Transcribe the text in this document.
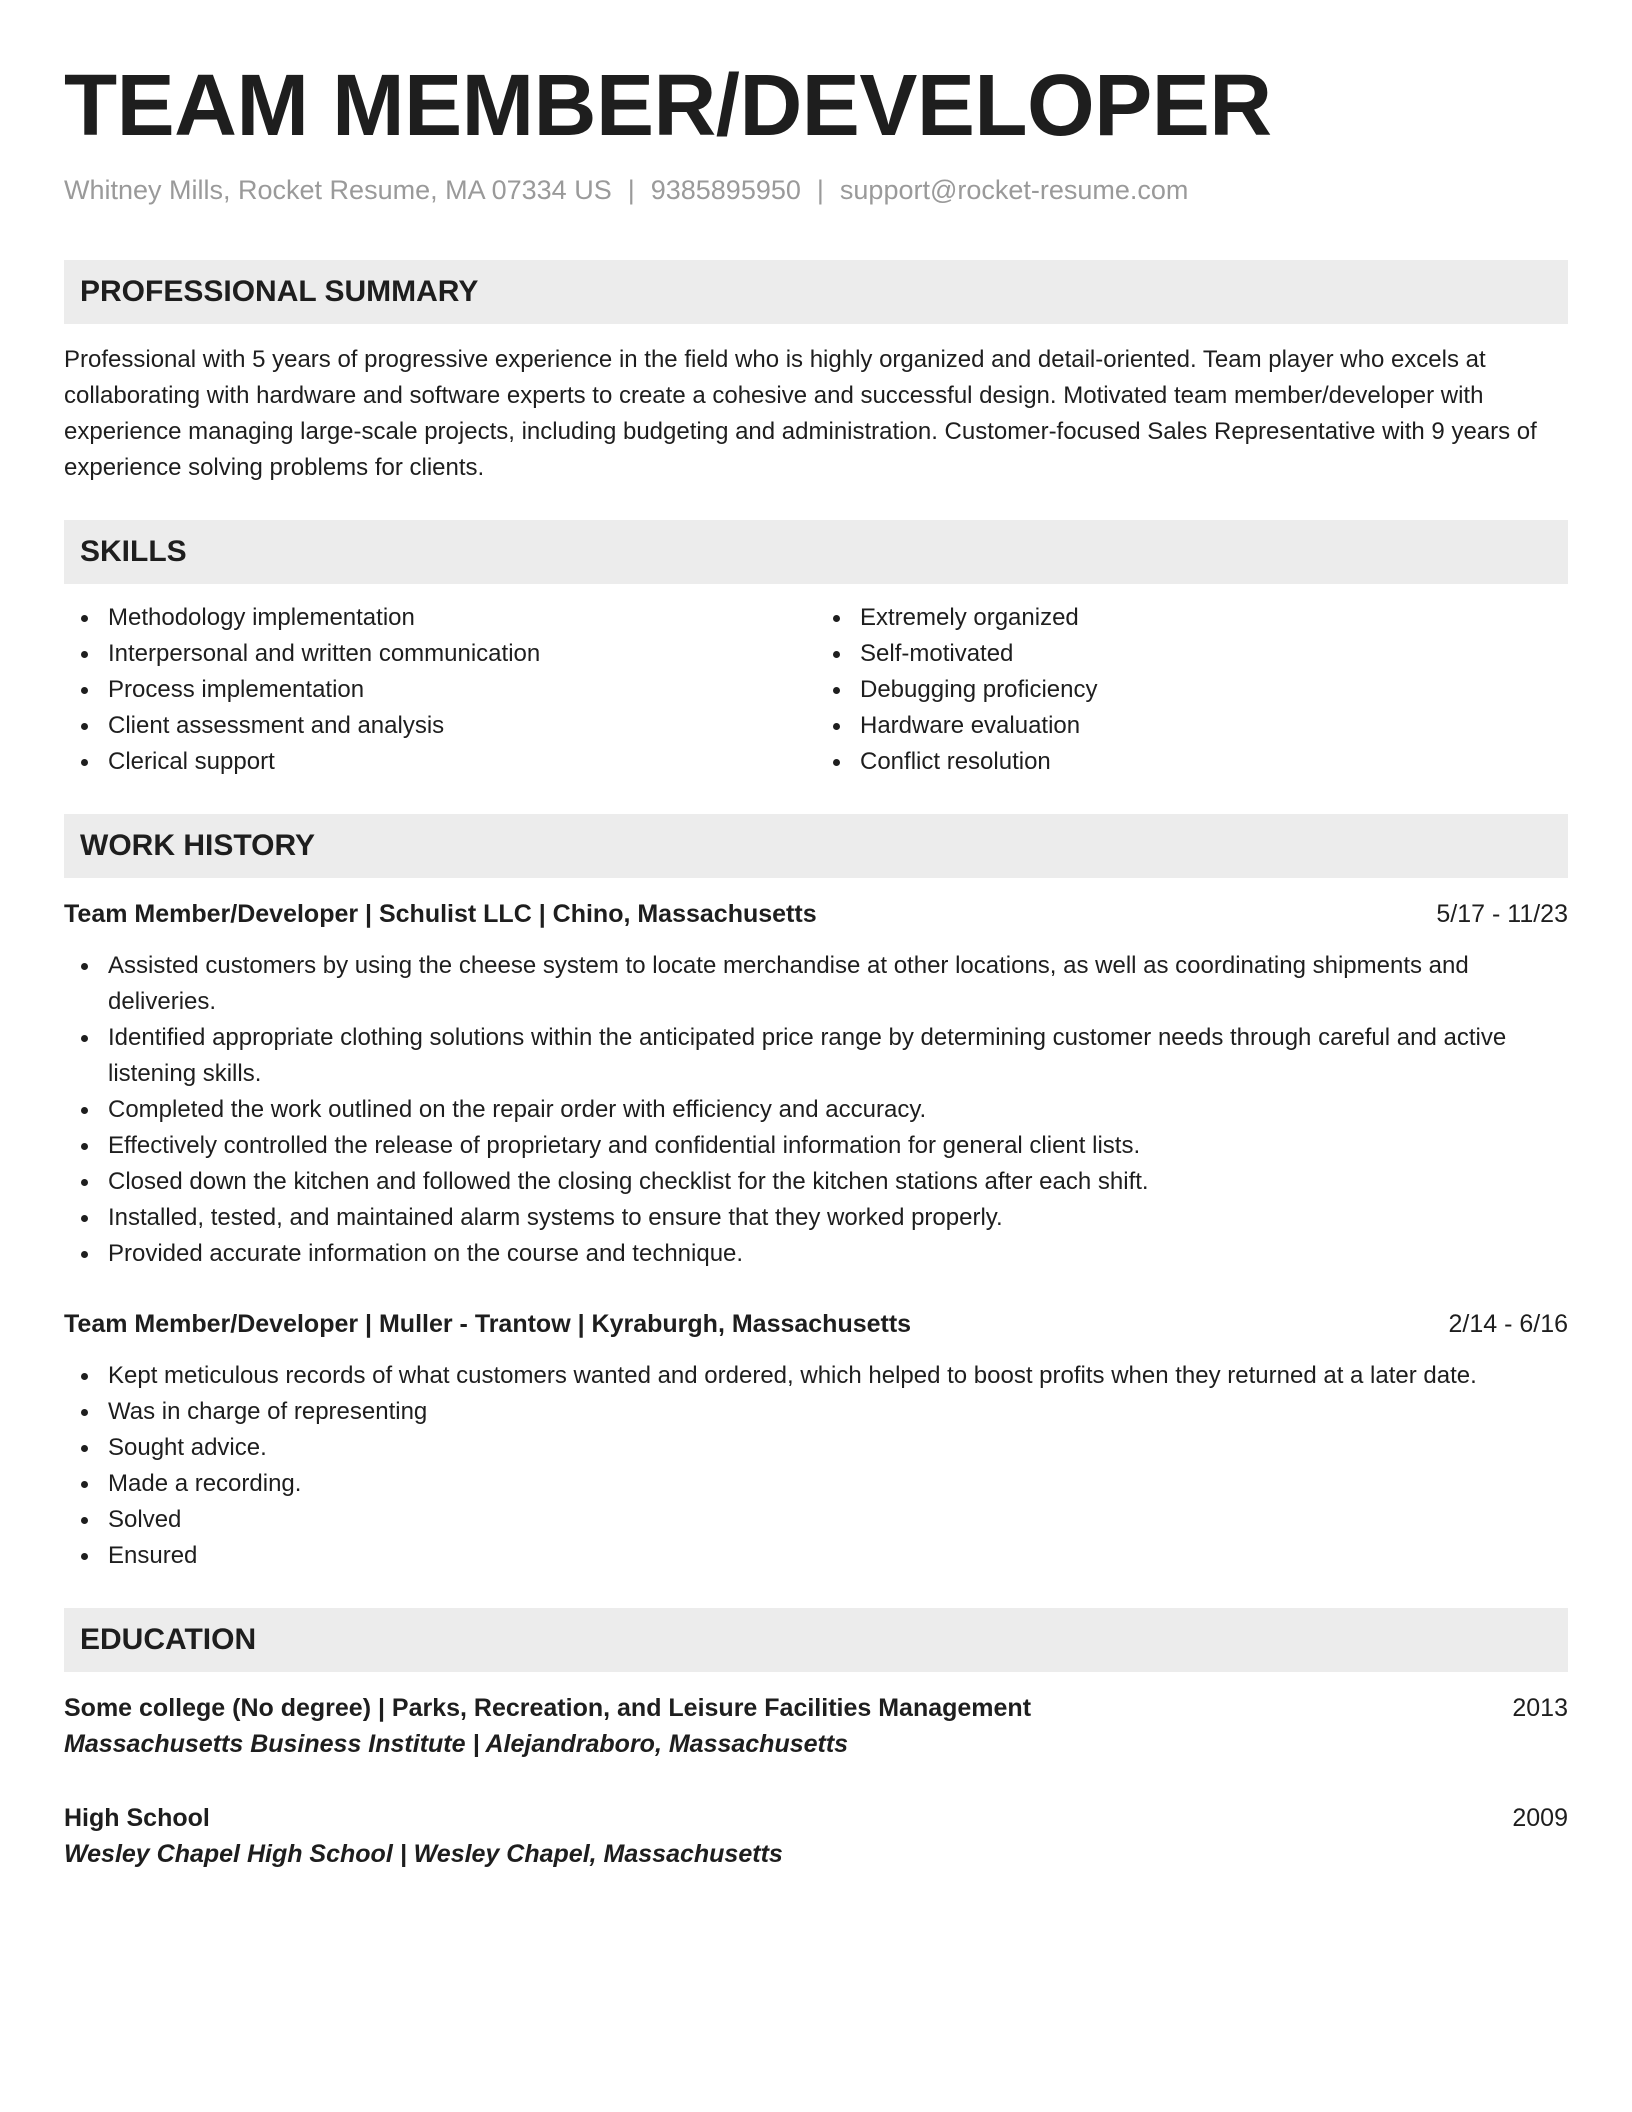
TEAM MEMBER/DEVELOPER
Whitney Mills, Rocket Resume, MA 07334 US | 9385895950 | support@rocket-resume.com
PROFESSIONAL SUMMARY
Professional with 5 years of progressive experience in the field who is highly organized and detail-oriented. Team player who excels at collaborating with hardware and software experts to create a cohesive and successful design. Motivated team member/developer with experience managing large-scale projects, including budgeting and administration. Customer-focused Sales Representative with 9 years of experience solving problems for clients.
SKILLS
Methodology implementation
Interpersonal and written communication
Process implementation
Client assessment and analysis
Clerical support
Extremely organized
Self-motivated
Debugging proficiency
Hardware evaluation
Conflict resolution
WORK HISTORY
Team Member/Developer | Schulist LLC | Chino, Massachusetts	5/17 - 11/23
Assisted customers by using the cheese system to locate merchandise at other locations, as well as coordinating shipments and deliveries.
Identified appropriate clothing solutions within the anticipated price range by determining customer needs through careful and active listening skills.
Completed the work outlined on the repair order with efficiency and accuracy.
Effectively controlled the release of proprietary and confidential information for general client lists.
Closed down the kitchen and followed the closing checklist for the kitchen stations after each shift.
Installed, tested, and maintained alarm systems to ensure that they worked properly.
Provided accurate information on the course and technique.
Team Member/Developer | Muller - Trantow | Kyraburgh, Massachusetts	2/14 - 6/16
Kept meticulous records of what customers wanted and ordered, which helped to boost profits when they returned at a later date.
Was in charge of representing
Sought advice.
Made a recording.
Solved
Ensured
EDUCATION
Some college (No degree) | Parks, Recreation, and Leisure Facilities Management	2013
Massachusetts Business Institute | Alejandraboro, Massachusetts
High School	2009
Wesley Chapel High School | Wesley Chapel, Massachusetts
